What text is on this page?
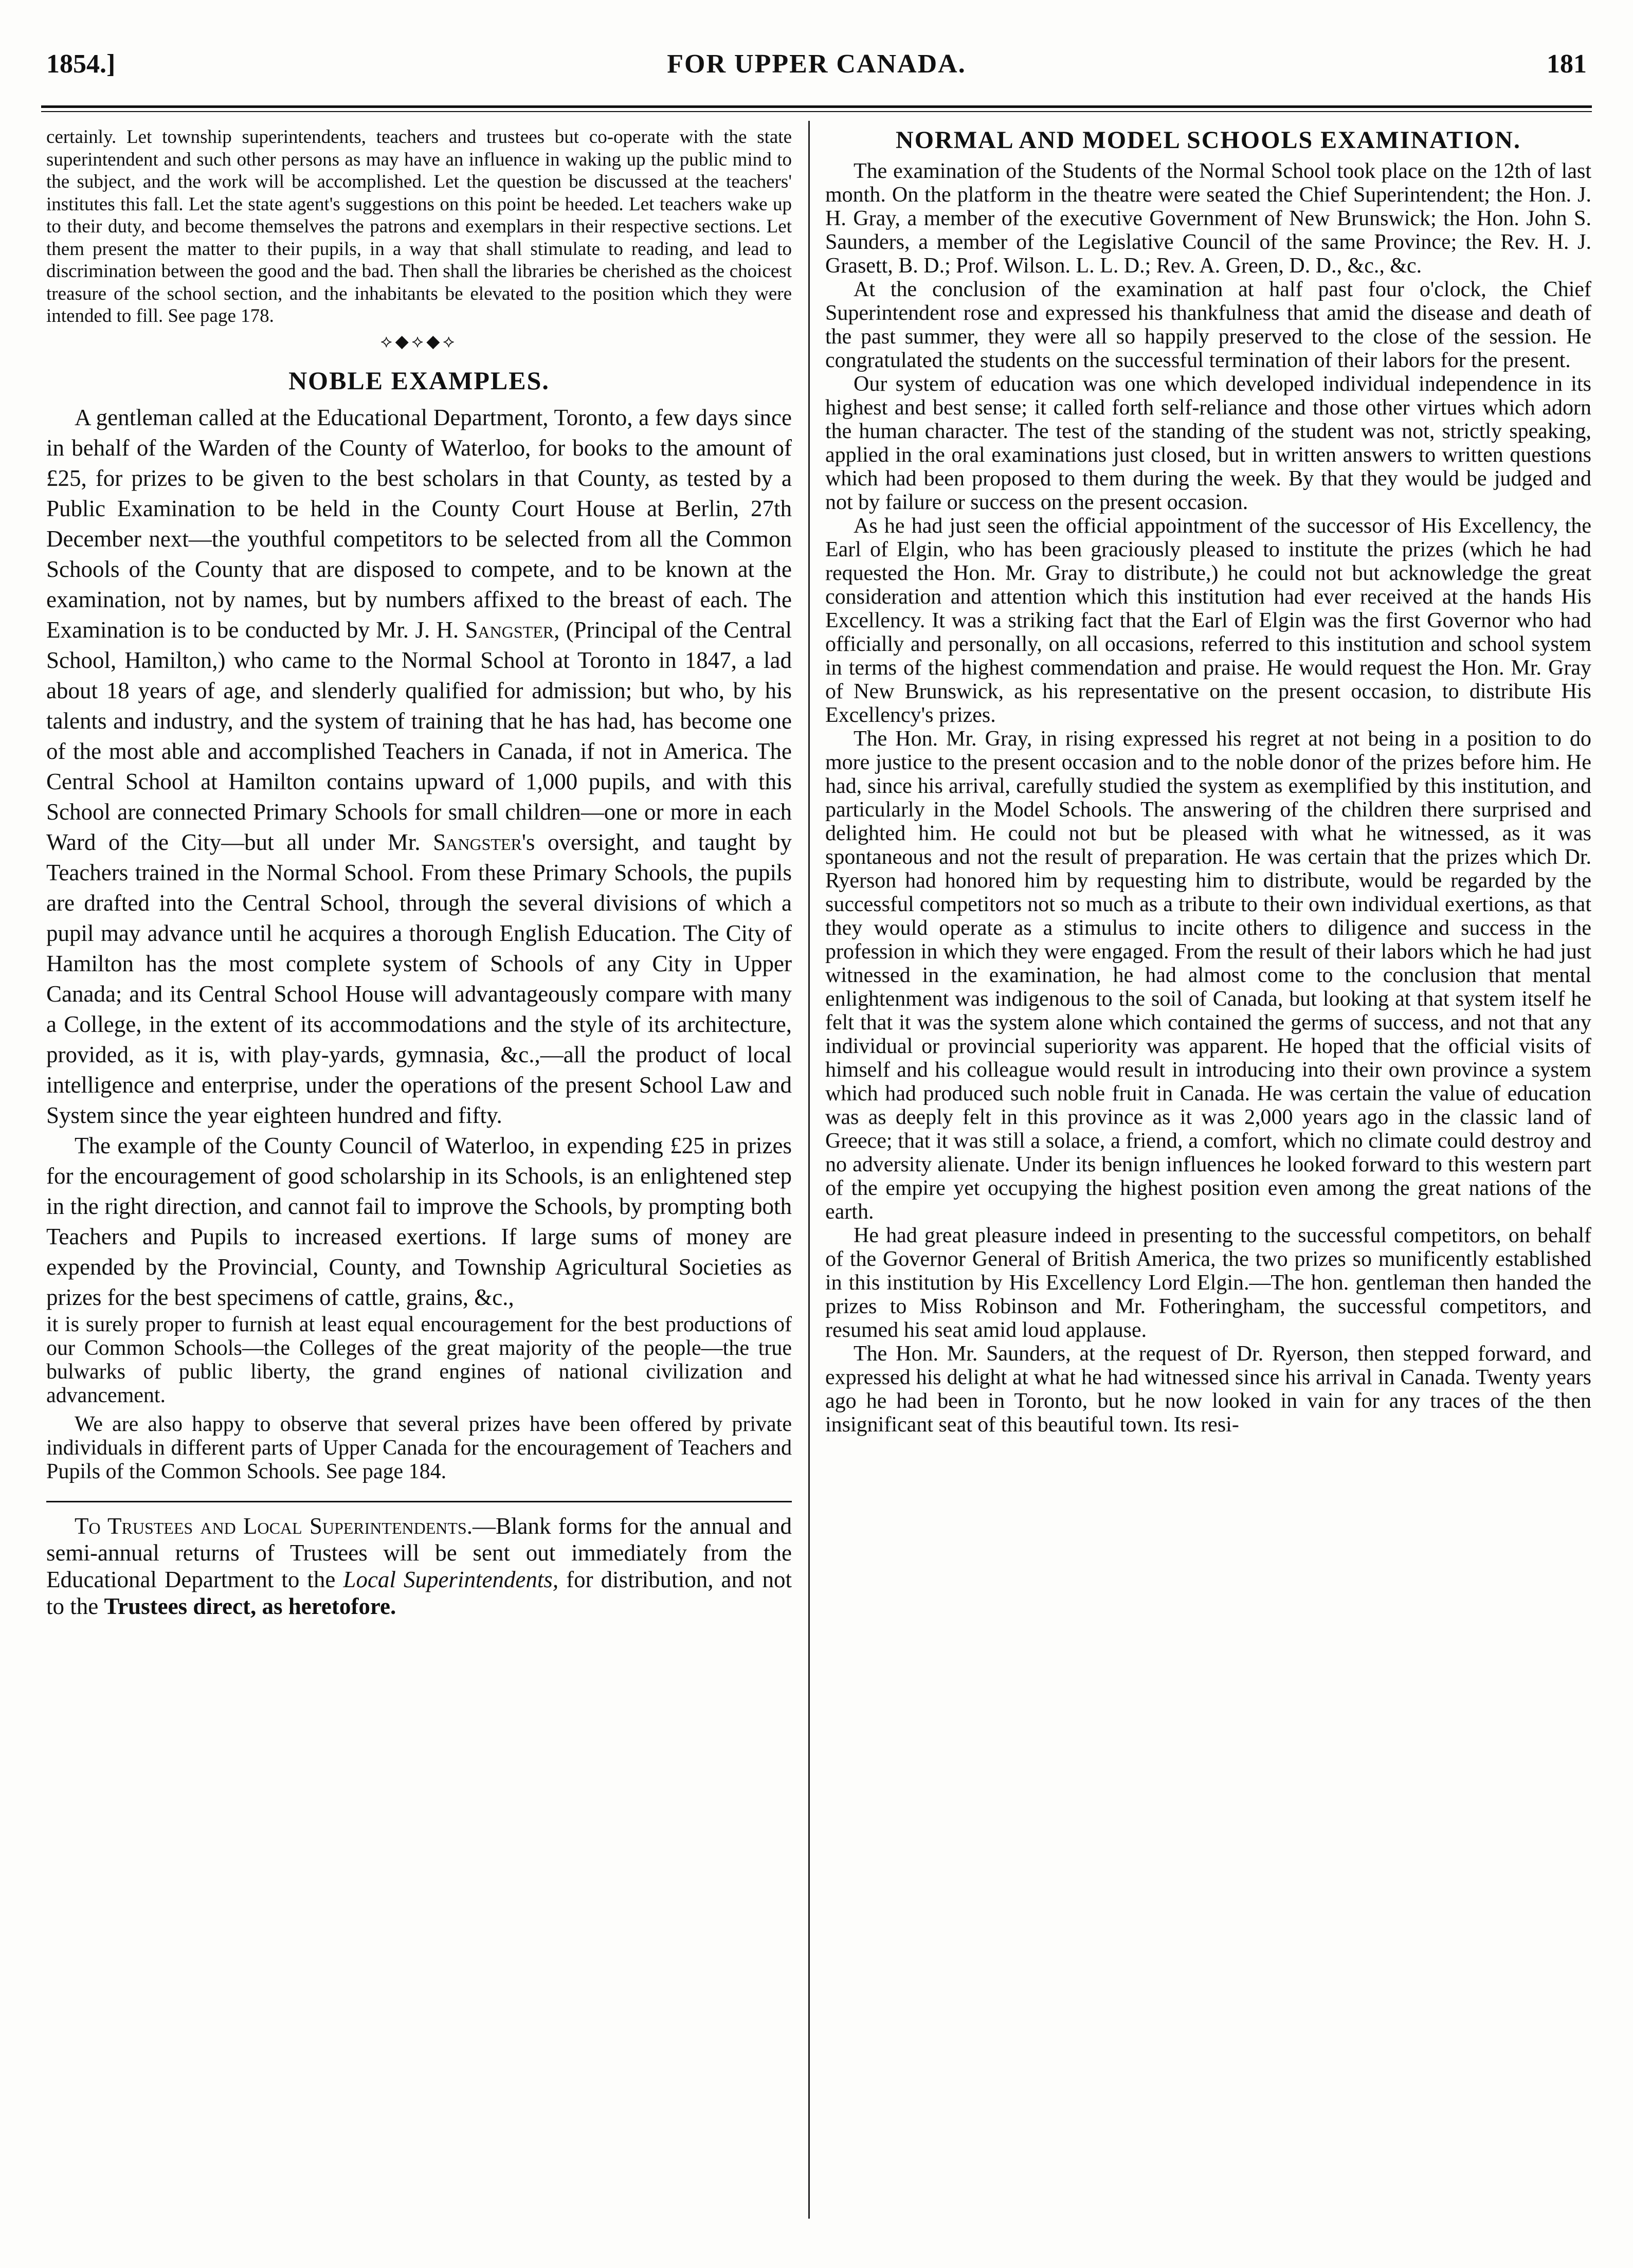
1854.]	FOR UPPER CANADA.	181

certainly. Let township superintendents, teachers and trustees but co-operate with the state superintendent and such other persons as may have an influence in waking up the public mind to the subject, and the work will be accomplished. Let the question be discussed at the teachers' institutes this fall. Let the state agent's suggestions on this point be heeded. Let teachers wake up to their duty, and become themselves the patrons and exemplars in their respective sections. Let them present the matter to their pupils, in a way that shall stimulate to reading, and lead to discrimination between the good and the bad. Then shall the libraries be cherished as the choicest treasure of the school section, and the inhabitants be elevated to the position which they were intended to fill. See page 178.

⟡◆⟡◆⟡
NOBLE EXAMPLES.

A gentleman called at the Educational Department, Toronto, a few days since in behalf of the Warden of the County of Waterloo, for books to the amount of £25, for prizes to be given to the best scholars in that County, as tested by a Public Examination to be held in the County Court House at Berlin, 27th December next—the youthful competitors to be selected from all the Common Schools of the County that are disposed to compete, and to be known at the examination, not by names, but by numbers affixed to the breast of each. The Examination is to be conducted by Mr. J. H. Sangster, (Principal of the Central School, Hamilton,) who came to the Normal School at Toronto in 1847, a lad about 18 years of age, and slenderly qualified for admission; but who, by his talents and industry, and the system of training that he has had, has become one of the most able and accomplished Teachers in Canada, if not in America. The Central School at Hamilton contains upward of 1,000 pupils, and with this School are connected Primary Schools for small children—one or more in each Ward of the City—but all under Mr. Sangster's oversight, and taught by Teachers trained in the Normal School. From these Primary Schools, the pupils are drafted into the Central School, through the several divisions of which a pupil may advance until he acquires a thorough English Education. The City of Hamilton has the most complete system of Schools of any City in Upper Canada; and its Central School House will advantageously compare with many a College, in the extent of its accommodations and the style of its architecture, provided, as it is, with play-yards, gymnasia, &c.,—all the product of local intelligence and enterprise, under the operations of the present School Law and System since the year eighteen hundred and fifty.

The example of the County Council of Waterloo, in expending £25 in prizes for the encouragement of good scholarship in its Schools, is an enlightened step in the right direction, and cannot fail to improve the Schools, by prompting both Teachers and Pupils to increased exertions. If large sums of money are expended by the Provincial, County, and Township Agricultural Societies as prizes for the best specimens of cattle, grains, &c.,

it is surely proper to furnish at least equal encouragement for the best productions of our Common Schools—the Colleges of the great majority of the people—the true bulwarks of public liberty, the grand engines of national civilization and advancement.

We are also happy to observe that several prizes have been offered by private individuals in different parts of Upper Canada for the encouragement of Teachers and Pupils of the Common Schools. See page 184.

To Trustees and Local Superintendents.—Blank forms for the annual and semi-annual returns of Trustees will be sent out immediately from the Educational Department to the Local Superintendents, for distribution, and not to the Trustees direct, as heretofore.

NORMAL AND MODEL SCHOOLS EXAMINATION.

The examination of the Students of the Normal School took place on the 12th of last month. On the platform in the theatre were seated the Chief Superintendent; the Hon. J. H. Gray, a member of the executive Government of New Brunswick; the Hon. John S. Saunders, a member of the Legislative Council of the same Province; the Rev. H. J. Grasett, B. D.; Prof. Wilson. L. L. D.; Rev. A. Green, D. D., &c., &c.

At the conclusion of the examination at half past four o'clock, the Chief Superintendent rose and expressed his thankfulness that amid the disease and death of the past summer, they were all so happily preserved to the close of the session. He congratulated the students on the successful termination of their labors for the present.

Our system of education was one which developed individual independence in its highest and best sense; it called forth self-reliance and those other virtues which adorn the human character. The test of the standing of the student was not, strictly speaking, applied in the oral examinations just closed, but in written answers to written questions which had been proposed to them during the week. By that they would be judged and not by failure or success on the present occasion.

As he had just seen the official appointment of the successor of His Excellency, the Earl of Elgin, who has been graciously pleased to institute the prizes (which he had requested the Hon. Mr. Gray to distribute,) he could not but acknowledge the great consideration and attention which this institution had ever received at the hands His Excellency. It was a striking fact that the Earl of Elgin was the first Governor who had officially and personally, on all occasions, referred to this institution and school system in terms of the highest commendation and praise. He would request the Hon. Mr. Gray of New Brunswick, as his representative on the present occasion, to distribute His Excellency's prizes.

The Hon. Mr. Gray, in rising expressed his regret at not being in a position to do more justice to the present occasion and to the noble donor of the prizes before him. He had, since his arrival, carefully studied the system as exemplified by this institution, and particularly in the Model Schools. The answering of the children there surprised and delighted him. He could not but be pleased with what he witnessed, as it was spontaneous and not the result of preparation. He was certain that the prizes which Dr. Ryerson had honored him by requesting him to distribute, would be regarded by the successful competitors not so much as a tribute to their own individual exertions, as that they would operate as a stimulus to incite others to diligence and success in the profession in which they were engaged. From the result of their labors which he had just witnessed in the examination, he had almost come to the conclusion that mental enlightenment was indigenous to the soil of Canada, but looking at that system itself he felt that it was the system alone which contained the germs of success, and not that any individual or provincial superiority was apparent. He hoped that the official visits of himself and his colleague would result in introducing into their own province a system which had produced such noble fruit in Canada. He was certain the value of education was as deeply felt in this province as it was 2,000 years ago in the classic land of Greece; that it was still a solace, a friend, a comfort, which no climate could destroy and no adversity alienate. Under its benign influences he looked forward to this western part of the empire yet occupying the highest position even among the great nations of the earth.

He had great pleasure indeed in presenting to the successful competitors, on behalf of the Governor General of British America, the two prizes so munificently established in this institution by His Excellency Lord Elgin.—The hon. gentleman then handed the prizes to Miss Robinson and Mr. Fotheringham, the successful competitors, and resumed his seat amid loud applause.

The Hon. Mr. Saunders, at the request of Dr. Ryerson, then stepped forward, and expressed his delight at what he had witnessed since his arrival in Canada. Twenty years ago he had been in Toronto, but he now looked in vain for any traces of the then insignificant seat of this beautiful town. Its resi-
